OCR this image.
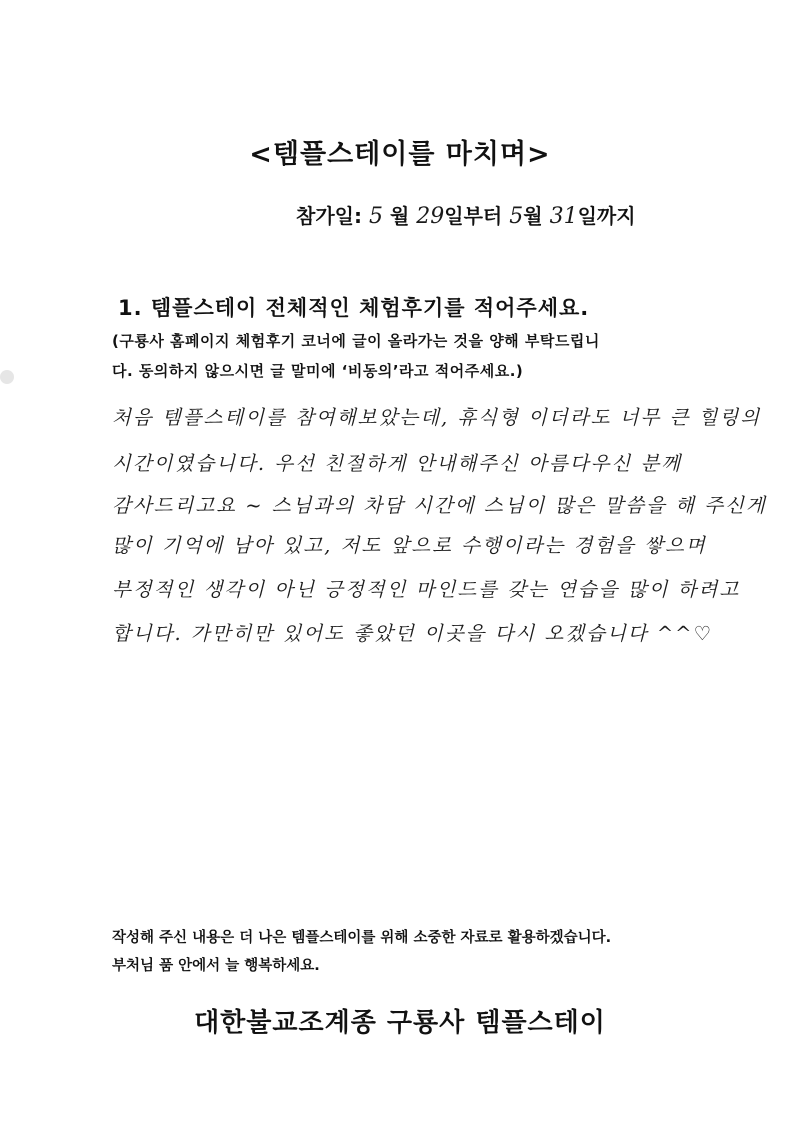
<템플스테이를 마치며>
참가일: 5 월 29일부터 5월 31일까지
1. 템플스테이 전체적인 체험후기를 적어주세요.
(구룡사 홈페이지 체험후기 코너에 글이 올라가는 것을 양해 부탁드립니
다. 동의하지 않으시면 글 말미에 ‘비동의’라고 적어주세요.)
처음 템플스테이를 참여해보았는데, 휴식형 이더라도 너무 큰 힐링의
시간이였습니다. 우선 친절하게 안내해주신 아름다우신 분께
감사드리고요 ~ 스님과의 차담 시간에 스님이 많은 말씀을 해 주신게
많이 기억에 남아 있고, 저도 앞으로 수행이라는 경험을 쌓으며
부정적인 생각이 아닌 긍정적인 마인드를 갖는 연습을 많이 하려고
합니다. 가만히만 있어도 좋았던 이곳을 다시 오겠습니다 ^^♡
작성해 주신 내용은 더 나은 템플스테이를 위해 소중한 자료로 활용하겠습니다.
부처님 품 안에서 늘 행복하세요.
대한불교조계종 구룡사 템플스테이
